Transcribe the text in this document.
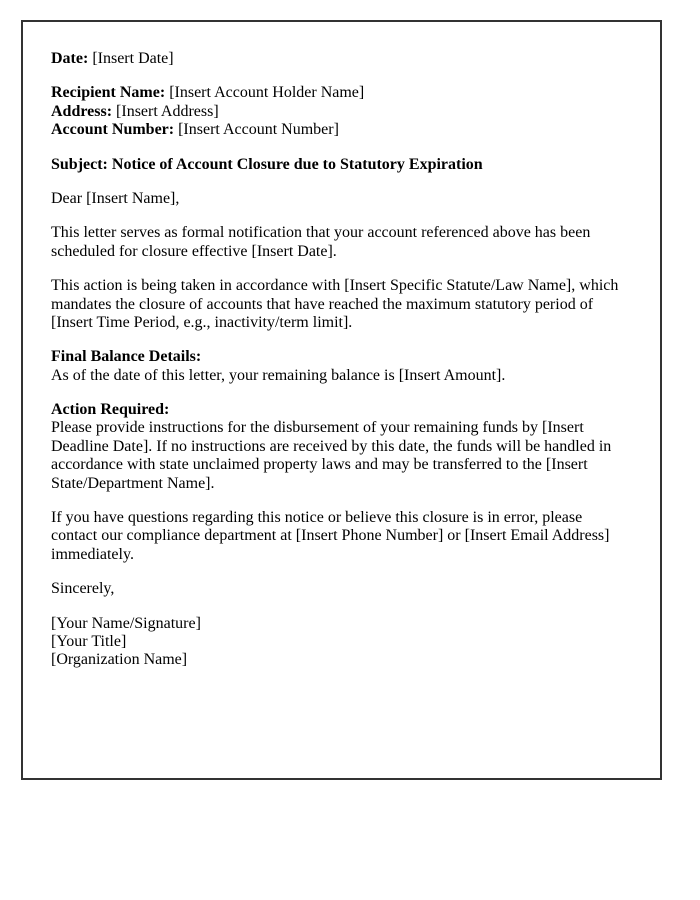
Date: [Insert Date]

Recipient Name: [Insert Account Holder Name]
Address: [Insert Address]
Account Number: [Insert Account Number]

Subject: Notice of Account Closure due to Statutory Expiration

Dear [Insert Name],

This letter serves as formal notification that your account referenced above has been scheduled for closure effective [Insert Date].

This action is being taken in accordance with [Insert Specific Statute/Law Name], which mandates the closure of accounts that have reached the maximum statutory period of [Insert Time Period, e.g., inactivity/term limit].

Final Balance Details:
As of the date of this letter, your remaining balance is [Insert Amount].

Action Required:
Please provide instructions for the disbursement of your remaining funds by [Insert Deadline Date]. If no instructions are received by this date, the funds will be handled in accordance with state unclaimed property laws and may be transferred to the [Insert State/Department Name].

If you have questions regarding this notice or believe this closure is in error, please contact our compliance department at [Insert Phone Number] or [Insert Email Address] immediately.

Sincerely,

[Your Name/Signature]
[Your Title]
[Organization Name]
